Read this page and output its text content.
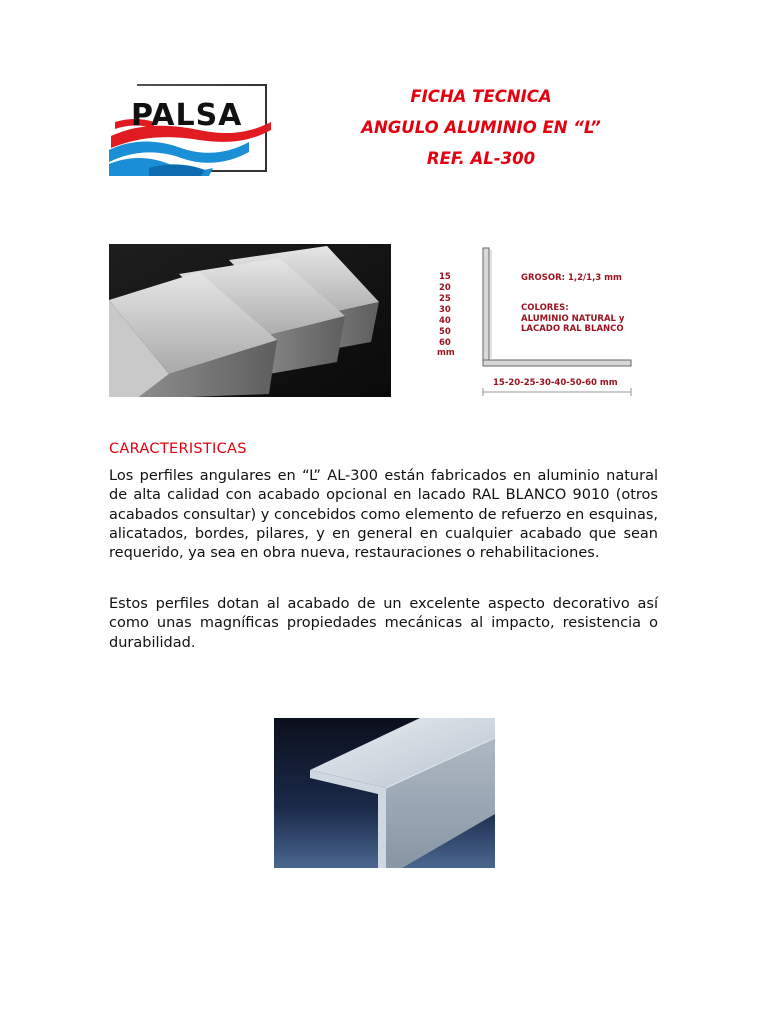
PALSA
FICHA TECNICA
ANGULO ALUMINIO EN “L”
REF. AL-300
15
20
25
30
40
50
60
mm
GROSOR: 1,2/1,3 mm
COLORES:
ALUMINIO NATURAL y
LACADO RAL BLANCO
15-20-25-30-40-50-60 mm
CARACTERISTICAS

Los perfiles angulares en “L” AL-300 están fabricados en aluminio natural de alta calidad con acabado opcional en lacado RAL BLANCO 9010 (otros acabados consultar) y concebidos como elemento de refuerzo en esquinas, alicatados, bordes, pilares, y en general en cualquier acabado que sean requerido, ya sea en obra nueva, restauraciones o rehabilitaciones.

Estos perfiles dotan al acabado de un excelente aspecto decorativo así como unas magníficas propiedades mecánicas al impacto, resistencia o durabilidad.
